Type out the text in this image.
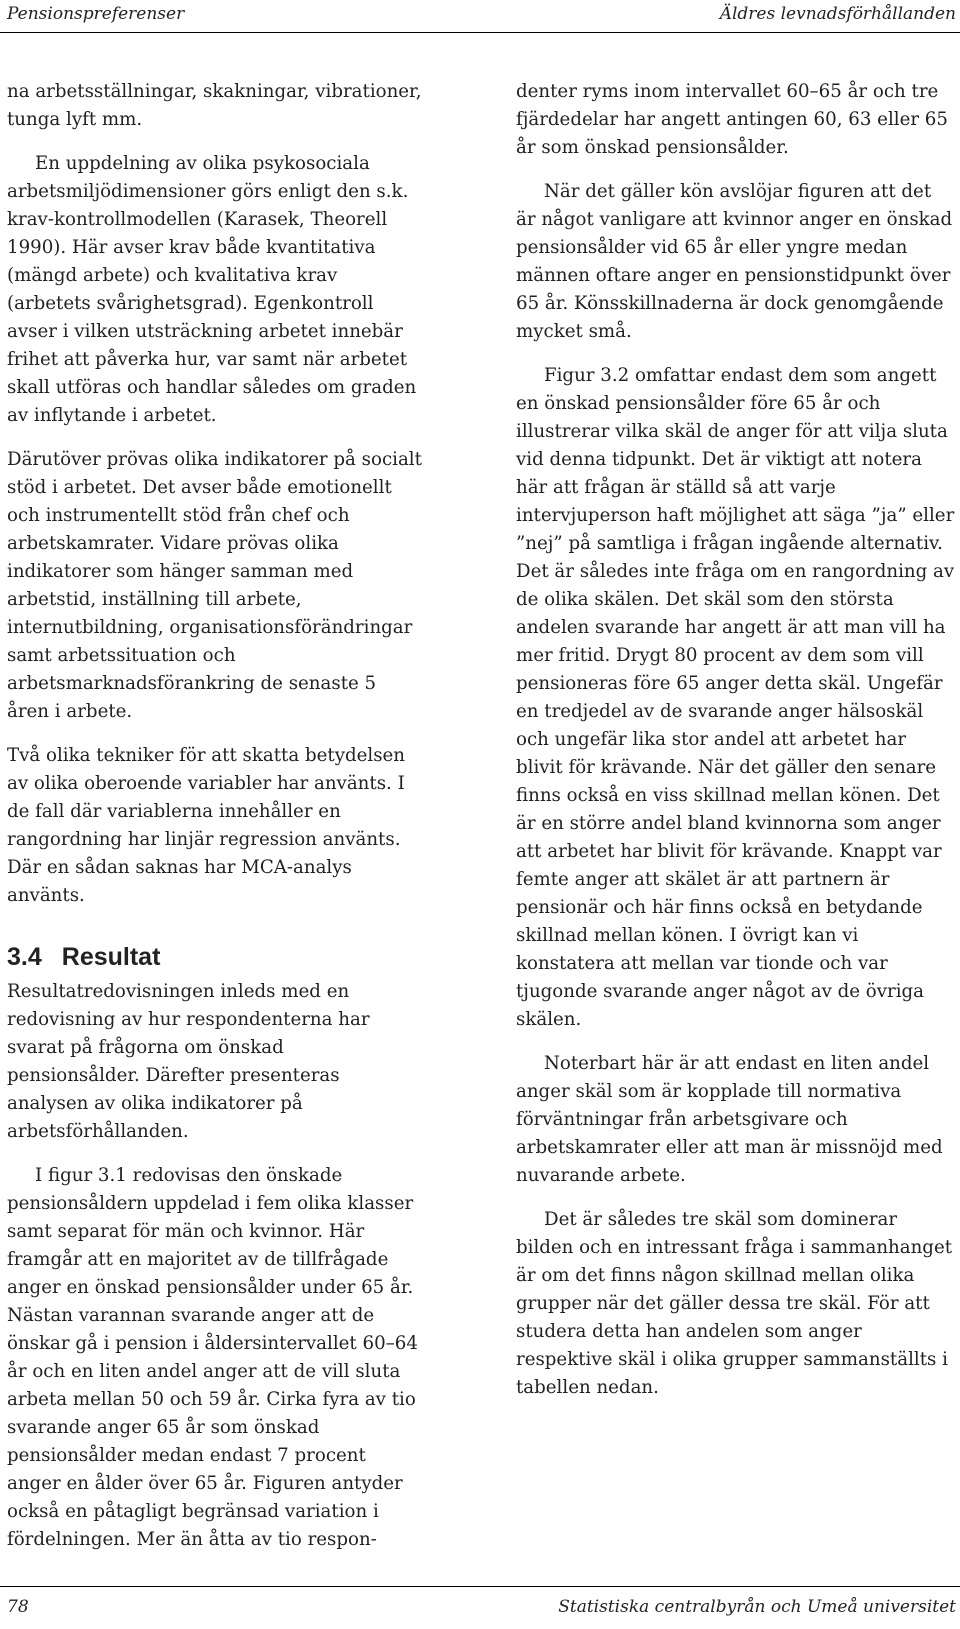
Pensionspreferenser	Äldres levnadsförhållanden

na arbetsställningar, skakningar, vibrationer, tunga lyft mm.

En uppdelning av olika psykosociala arbetsmiljödimensioner görs enligt den s.k. krav-kontrollmodellen (Karasek, Theorell 1990). Här avser krav både kvantitativa (mängd arbete) och kvalitativa krav (arbetets svårighetsgrad). Egenkontroll avser i vilken utsträckning arbetet innebär frihet att påverka hur, var samt när arbetet skall utföras och handlar således om graden av inflytande i arbetet.

Därutöver prövas olika indikatorer på socialt stöd i arbetet. Det avser både emotionellt och instrumentellt stöd från chef och arbetskamrater. Vidare prövas olika indikatorer som hänger samman med arbetstid, inställning till arbete, internutbildning, organisationsförändringar samt arbetssituation och arbetsmarknadsförankring de senaste 5 åren i arbete.

Två olika tekniker för att skatta betydelsen av olika oberoende variabler har använts. I de fall där variablerna innehåller en rangordning har linjär regression använts. Där en sådan saknas har MCA-analys använts.

3.4 Resultat

Resultatredovisningen inleds med en redovisning av hur respondenterna har svarat på frågorna om önskad pensionsålder. Därefter presenteras analysen av olika indikatorer på arbetsförhållanden.

I figur 3.1 redovisas den önskade pensionsåldern uppdelad i fem olika klasser samt separat för män och kvinnor. Här framgår att en majoritet av de tillfrågade anger en önskad pensionsålder under 65 år. Nästan varannan svarande anger att de önskar gå i pension i åldersintervallet 60–64 år och en liten andel anger att de vill sluta arbeta mellan 50 och 59 år. Cirka fyra av tio svarande anger 65 år som önskad pensionsålder medan endast 7 procent anger en ålder över 65 år. Figuren antyder också en påtagligt begränsad variation i fördelningen. Mer än åtta av tio respon-

denter ryms inom intervallet 60–65 år och tre fjärdedelar har angett antingen 60, 63 eller 65 år som önskad pensionsålder.

När det gäller kön avslöjar figuren att det är något vanligare att kvinnor anger en önskad pensionsålder vid 65 år eller yngre medan männen oftare anger en pensionstidpunkt över 65 år. Könsskillnaderna är dock genomgående mycket små.

Figur 3.2 omfattar endast dem som angett en önskad pensionsålder före 65 år och illustrerar vilka skäl de anger för att vilja sluta vid denna tidpunkt. Det är viktigt att notera här att frågan är ställd så att varje intervjuperson haft möjlighet att säga ”ja” eller ”nej” på samtliga i frågan ingående alternativ. Det är således inte fråga om en rangordning av de olika skälen. Det skäl som den största andelen svarande har angett är att man vill ha mer fritid. Drygt 80 procent av dem som vill pensioneras före 65 anger detta skäl. Ungefär en tredjedel av de svarande anger hälsoskäl och ungefär lika stor andel att arbetet har blivit för krävande. När det gäller den senare finns också en viss skillnad mellan könen. Det är en större andel bland kvinnorna som anger att arbetet har blivit för krävande. Knappt var femte anger att skälet är att partnern är pensionär och här finns också en betydande skillnad mellan könen. I övrigt kan vi konstatera att mellan var tionde och var tjugonde svarande anger något av de övriga skälen.

Noterbart här är att endast en liten andel anger skäl som är kopplade till normativa förväntningar från arbetsgivare och arbetskamrater eller att man är missnöjd med nuvarande arbete.

Det är således tre skäl som dominerar bilden och en intressant fråga i sammanhanget är om det finns någon skillnad mellan olika grupper när det gäller dessa tre skäl. För att studera detta han andelen som anger respektive skäl i olika grupper sammanställts i tabellen nedan.

78	Statistiska centralbyrån och Umeå universitet
